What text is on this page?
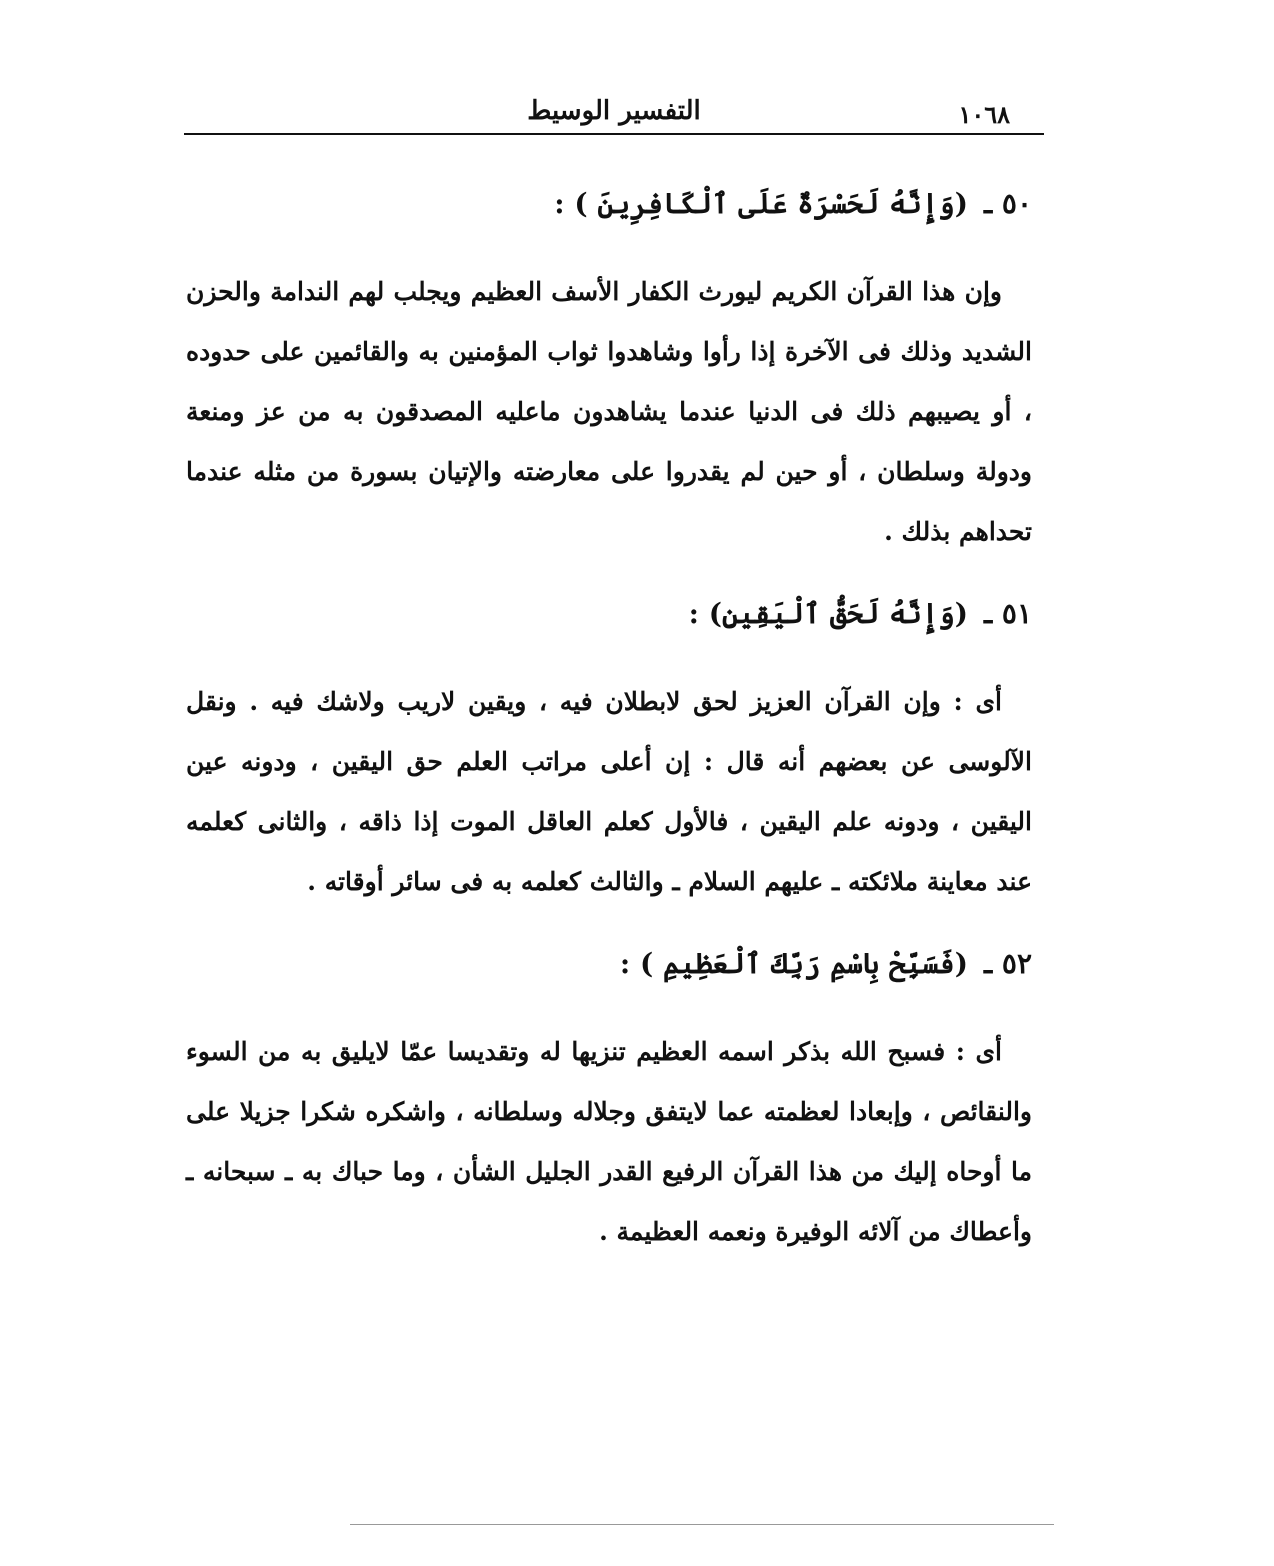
١٠٦٨
التفسير الوسيط
٥٠ ـ(وَإِنَّهُ لَحَسْرَةٌ عَلَى ٱلْكَافِرِينَ ) :

وإن هذا القرآن الكريم ليورث الكفار الأسف العظيم ويجلب لهم الندامة والحزن الشديد وذلك فى الآخرة إذا رأوا وشاهدوا ثواب المؤمنين به والقائمين على حدوده ، أو يصيبهم ذلك فى الدنيا عندما يشاهدون ماعليه المصدقون به من عز ومنعة ودولة وسلطان ، أو حين لم يقدروا على معارضته والإتيان بسورة من مثله عندما تحداهم بذلك .

٥١ ـ(وَإِنَّهُ لَحَقُّ ٱلْيَقِينِ) :

أى : وإن القرآن العزيز لحق لابطلان فيه ، ويقين لاريب ولاشك فيه . ونقل الآلوسى عن بعضهم أنه قال : إن أعلى مراتب العلم حق اليقين ، ودونه عين اليقين ، ودونه علم اليقين ، فالأول كعلم العاقل الموت إذا ذاقه ، والثانى كعلمه عند معاينة ملائكته ـ عليهم السلام ـ والثالث كعلمه به فى سائر أوقاته .

٥٢ ـ(فَسَبِّحْ بِاسْمِ رَبِّكَ ٱلْعَظِيمِ ) :

أى : فسبح الله بذكر اسمه العظيم تنزيها له وتقديسا عمّا لايليق به من السوء والنقائص ، وإبعادا لعظمته عما لايتفق وجلاله وسلطانه ، واشكره شكرا جزيلا على ما أوحاه إليك من هذا القرآن الرفيع القدر الجليل الشأن ، وما حباك به ـ سبحانه ـ وأعطاك من آلائه الوفيرة ونعمه العظيمة .
